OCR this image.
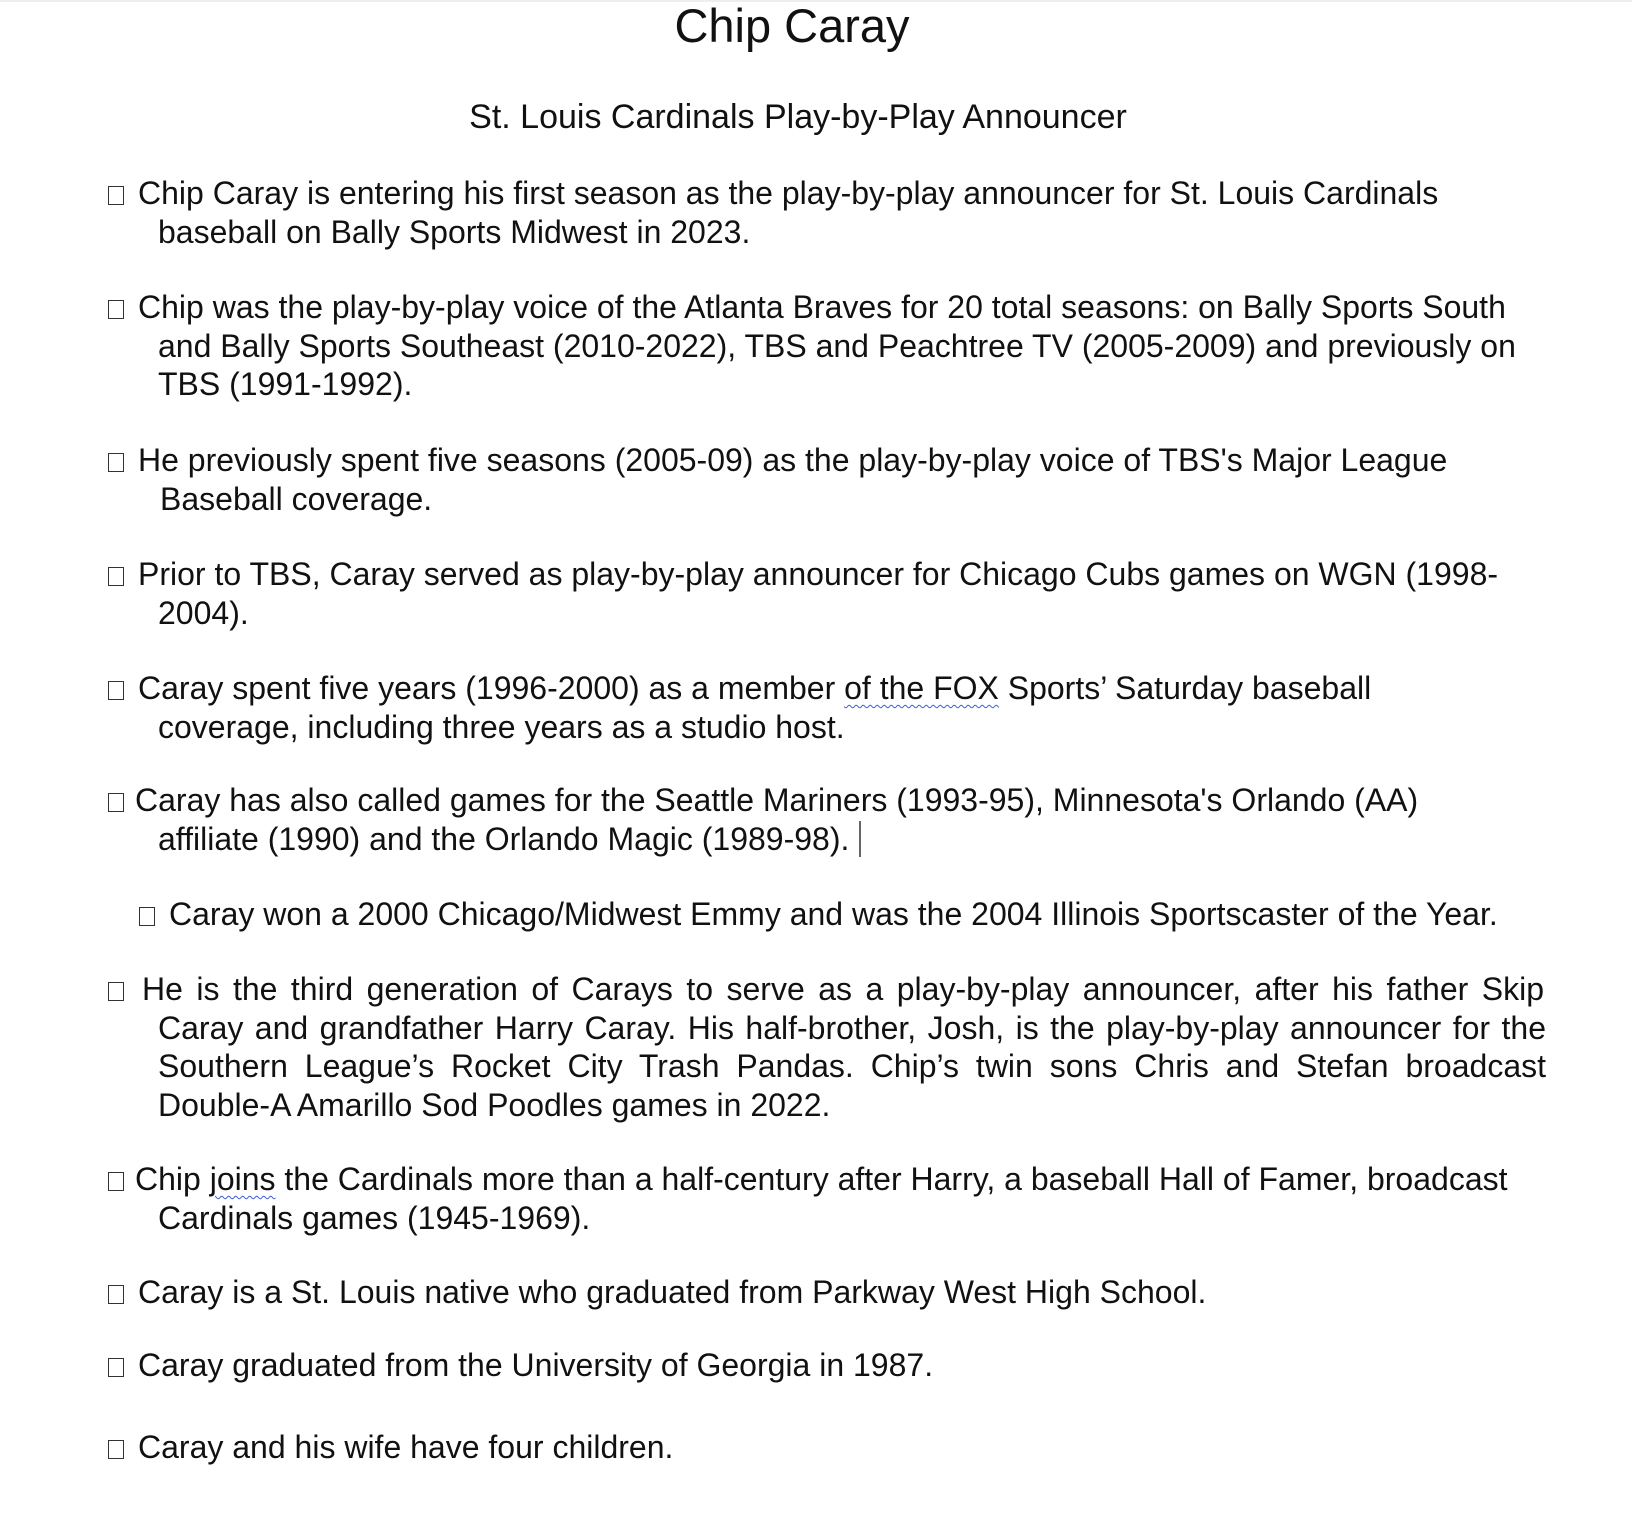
Chip Caray
St. Louis Cardinals Play-by-Play Announcer
Chip Caray is entering his first season as the play-by-play announcer for St. Louis Cardinals
baseball on Bally Sports Midwest in 2023.
Chip was the play-by-play voice of the Atlanta Braves for 20 total seasons: on Bally Sports South
and Bally Sports Southeast (2010-2022), TBS and Peachtree TV (2005-2009) and previously on
TBS (1991-1992).
He previously spent five seasons (2005-09) as the play-by-play voice of TBS's Major League
Baseball coverage.
Prior to TBS, Caray served as play-by-play announcer for Chicago Cubs games on WGN (1998-
2004).
Caray spent five years (1996-2000) as a member of the FOX Sports’ Saturday baseball
coverage, including three years as a studio host.
Caray has also called games for the Seattle Mariners (1993-95), Minnesota's Orlando (AA)
affiliate (1990) and the Orlando Magic (1989-98).
Caray won a 2000 Chicago/Midwest Emmy and was the 2004 Illinois Sportscaster of the Year.
He is the third generation of Carays to serve as a play-by-play announcer, after his father Skip
Caray and grandfather Harry Caray. His half-brother, Josh, is the play-by-play announcer for the
Southern League’s Rocket City Trash Pandas. Chip’s twin sons Chris and Stefan broadcast
Double-A Amarillo Sod Poodles games in 2022.
Chip joins the Cardinals more than a half-century after Harry, a baseball Hall of Famer, broadcast
Cardinals games (1945-1969).
Caray is a St. Louis native who graduated from Parkway West High School.
Caray graduated from the University of Georgia in 1987.
Caray and his wife have four children.
